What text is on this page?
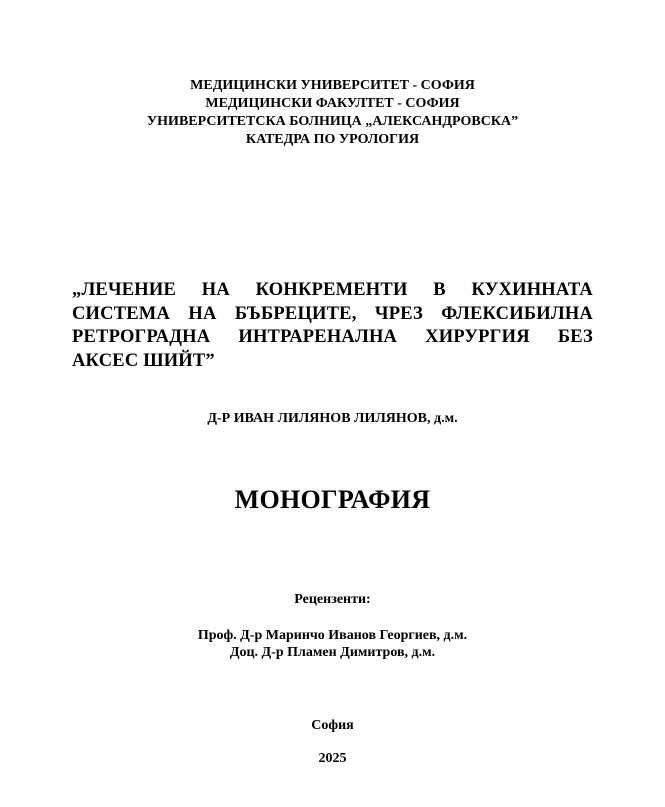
МЕДИЦИНСКИ УНИВЕРСИТЕТ - СОФИЯ
МЕДИЦИНСКИ ФАКУЛТЕТ - СОФИЯ
УНИВЕРСИТЕТСКА БОЛНИЦА „АЛЕКСАНДРОВСКА”
КАТЕДРА ПО УРОЛОГИЯ
„ЛЕЧЕНИЕ НА КОНКРЕМЕНТИ В КУХИННАТА
СИСТЕМА НА БЪБРЕЦИТЕ, ЧРЕЗ ФЛЕКСИБИЛНА
РЕТРОГРАДНА ИНТРАРЕНАЛНА ХИРУРГИЯ БЕЗ
АКСЕС ШИЙТ”
Д-Р ИВАН ЛИЛЯНОВ ЛИЛЯНОВ, д.м.
МОНОГРАФИЯ
Рецензенти:
Проф. Д-р Маринчо Иванов Георгиев, д.м.
Доц. Д-р Пламен Димитров, д.м.
София
2025
